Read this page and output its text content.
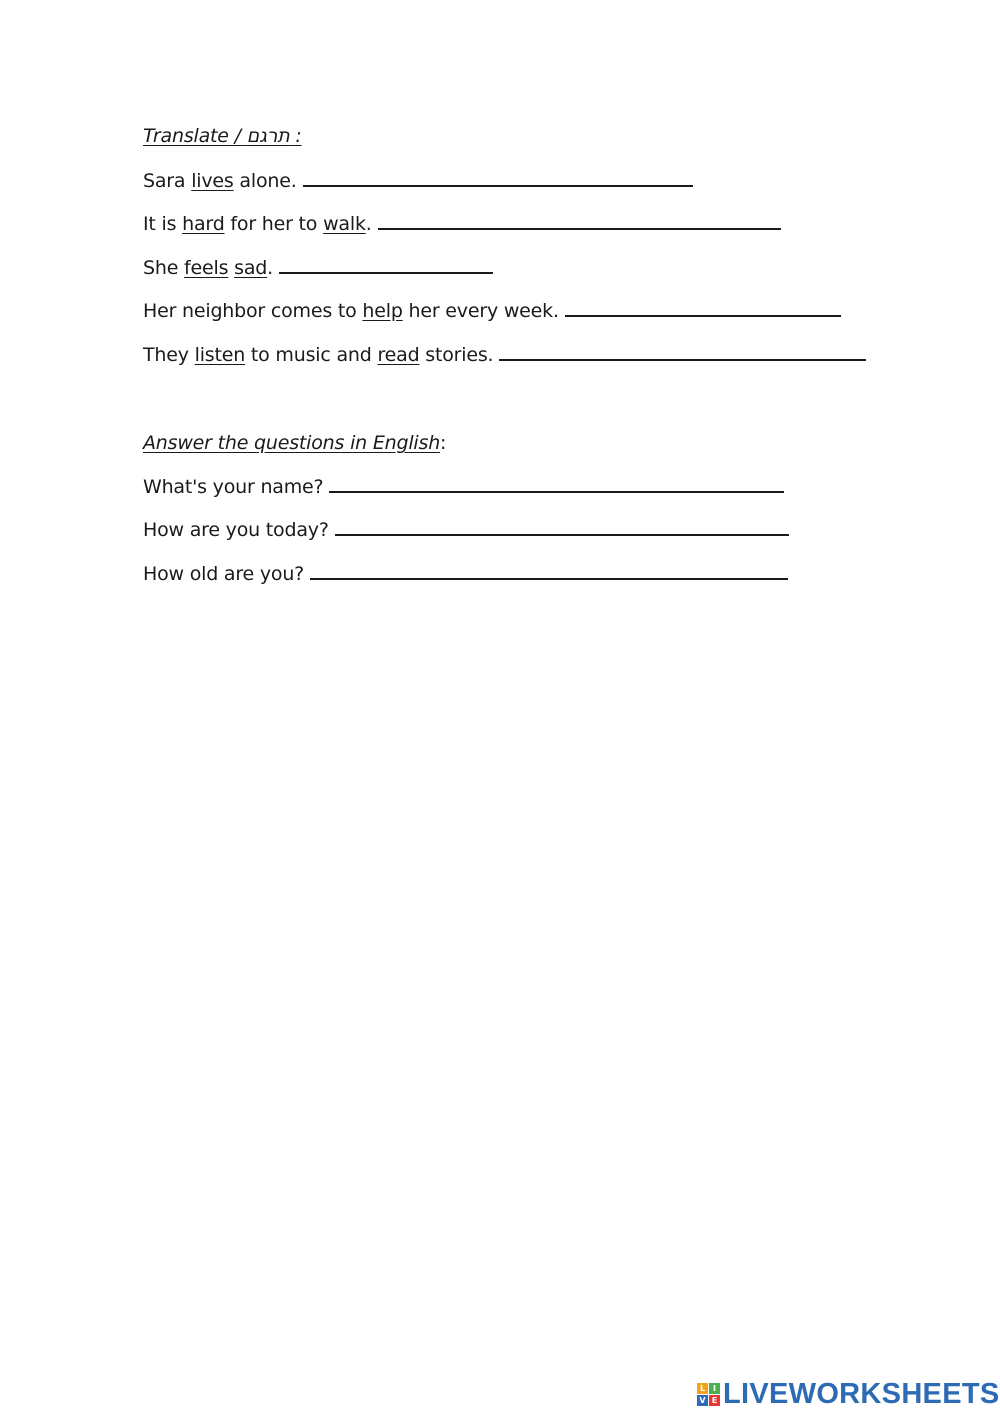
Translate / תרגם :
Sara lives alone.
It is hard for her to walk.
She feels sad.
Her neighbor comes to help her every week.
They listen to music and read stories.
Answer the questions in English:
What's your name?
How are you today?
How old are you?
L I
V E LIVEWORKSHEETS
